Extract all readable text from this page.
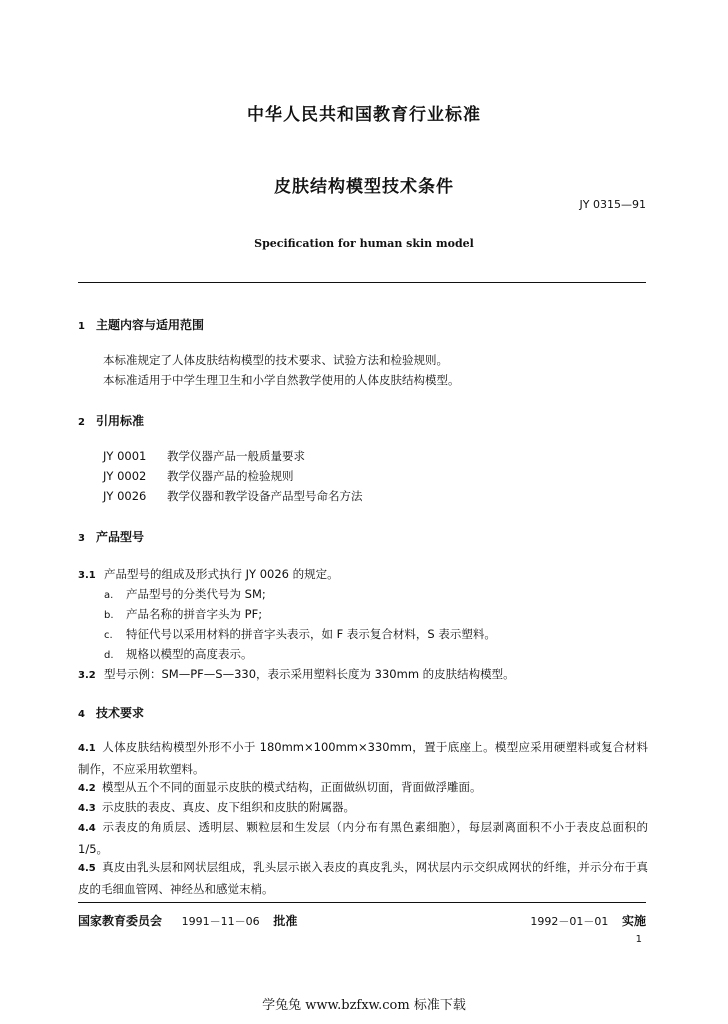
中华人民共和国教育行业标准
皮肤结构模型技术条件
JY 0315—91
Specification for human skin model
1 主题内容与适用范围
本标准规定了人体皮肤结构模型的技术要求、试验方法和检验规则。
本标准适用于中学生理卫生和小学自然教学使用的人体皮肤结构模型。
2 引用标准
JY 0001 教学仪器产品一般质量要求
JY 0002 教学仪器产品的检验规则
JY 0026 教学仪器和教学设备产品型号命名方法
3 产品型号
3.1 产品型号的组成及形式执行 JY 0026 的规定。
a. 产品型号的分类代号为 SM;
b. 产品名称的拼音字头为 PF;
c. 特征代号以采用材料的拼音字头表示，如 F 表示复合材料，S 表示塑料。
d. 规格以模型的高度表示。
3.2 型号示例：SM—PF—S—330，表示采用塑料长度为 330mm 的皮肤结构模型。
4 技术要求
4.1 人体皮肤结构模型外形不小于 180mm×100mm×330mm，置于底座上。模型应采用硬塑料或复合材料制作，不应采用软塑料。
4.2 模型从五个不同的面显示皮肤的模式结构，正面做纵切面，背面做浮雕面。
4.3 示皮肤的表皮、真皮、皮下组织和皮肤的附属器。
4.4 示表皮的角质层、透明层、颗粒层和生发层（内分布有黑色素细胞），每层剥离面积不小于表皮总面积的 1/5。
4.5 真皮由乳头层和网状层组成，乳头层示嵌入表皮的真皮乳头，网状层内示交织成网状的纤维，并示分布于真皮的毛细血管网、神经丛和感觉末梢。
国家教育委员会 1991－11－06 批准	1992－01－01 实施
1
学兔兔 www.bzfxw.com 标准下载
